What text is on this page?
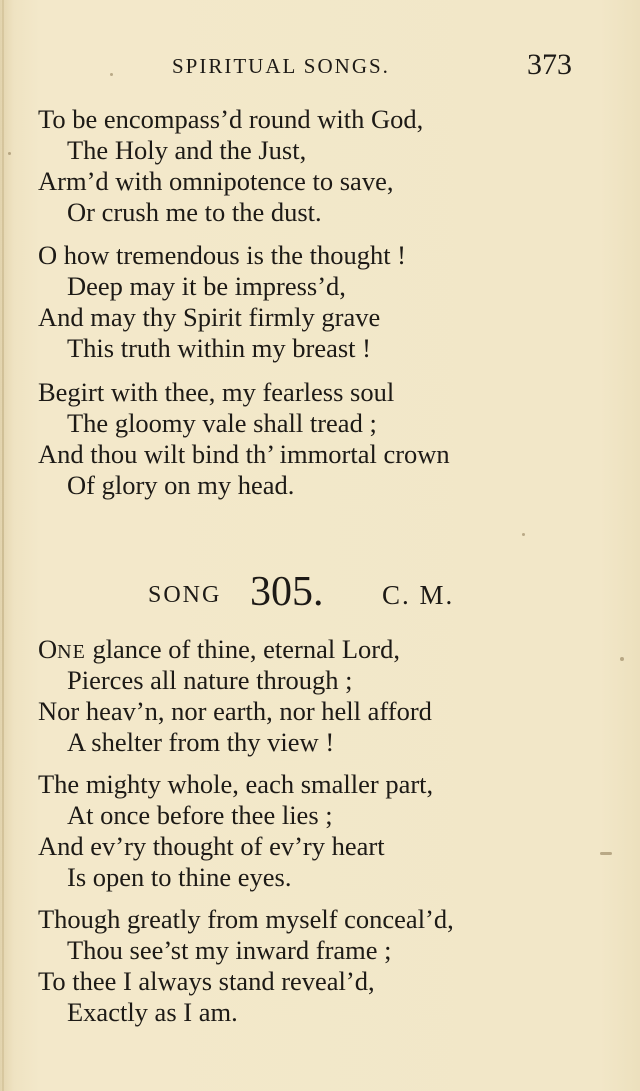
SPIRITUAL SONGS.	373
To be encompass’d round with God,
The Holy and the Just,
Arm’d with omnipotence to save,
Or crush me to the dust.
O how tremendous is the thought !
Deep may it be impress’d,
And may thy Spirit firmly grave
This truth within my breast !
Begirt with thee, my fearless soul
The gloomy vale shall tread ;
And thou wilt bind th’ immortal crown
Of glory on my head.
SONG 305. C. M.
ONE glance of thine, eternal Lord,
Pierces all nature through ;
Nor heav’n, nor earth, nor hell afford
A shelter from thy view !
The mighty whole, each smaller part,
At once before thee lies ;
And ev’ry thought of ev’ry heart
Is open to thine eyes.
Though greatly from myself conceal’d,
Thou see’st my inward frame ;
To thee I always stand reveal’d,
Exactly as I am.
